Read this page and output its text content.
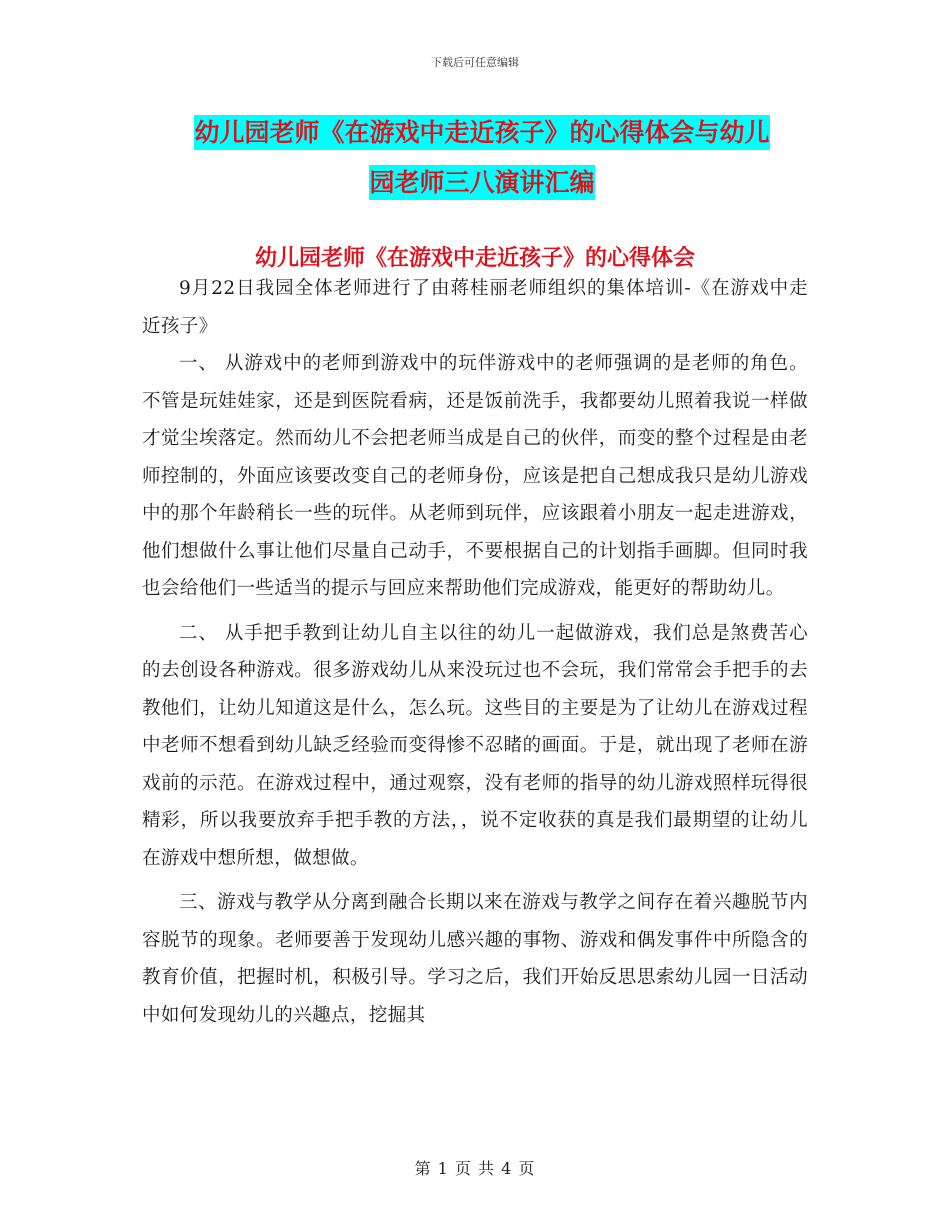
下载后可任意编辑
幼儿园老师《在游戏中走近孩子》的心得体会与幼儿
园老师三八演讲汇编
幼儿园老师《在游戏中走近孩子》的心得体会

9月22日我园全体老师进行了由蒋桂丽老师组织的集体培训-《在游戏中走近孩子》

一、 从游戏中的老师到游戏中的玩伴游戏中的老师强调的是老师的角色。不管是玩娃娃家，还是到医院看病，还是饭前洗手，我都要幼儿照着我说一样做才觉尘埃落定。然而幼儿不会把老师当成是自己的伙伴，而变的整个过程是由老师控制的，外面应该要改变自己的老师身份，应该是把自己想成我只是幼儿游戏中的那个年龄稍长一些的玩伴。从老师到玩伴，应该跟着小朋友一起走进游戏，他们想做什么事让他们尽量自己动手，不要根据自己的计划指手画脚。但同时我也会给他们一些适当的提示与回应来帮助他们完成游戏，能更好的帮助幼儿。

二、 从手把手教到让幼儿自主以往的幼儿一起做游戏，我们总是煞费苦心的去创设各种游戏。很多游戏幼儿从来没玩过也不会玩，我们常常会手把手的去教他们，让幼儿知道这是什么，怎么玩。这些目的主要是为了让幼儿在游戏过程中老师不想看到幼儿缺乏经验而变得惨不忍睹的画面。于是，就出现了老师在游戏前的示范。在游戏过程中，通过观察，没有老师的指导的幼儿游戏照样玩得很精彩，所以我要放弃手把手教的方法，，说不定收获的真是我们最期望的让幼儿在游戏中想所想，做想做。

三、游戏与教学从分离到融合长期以来在游戏与教学之间存在着兴趣脱节内容脱节的现象。老师要善于发现幼儿感兴趣的事物、游戏和偶发事件中所隐含的教育价值，把握时机，积极引导。学习之后，我们开始反思思索幼儿园一日活动中如何发现幼儿的兴趣点，挖掘其

第 1 页 共 4 页
